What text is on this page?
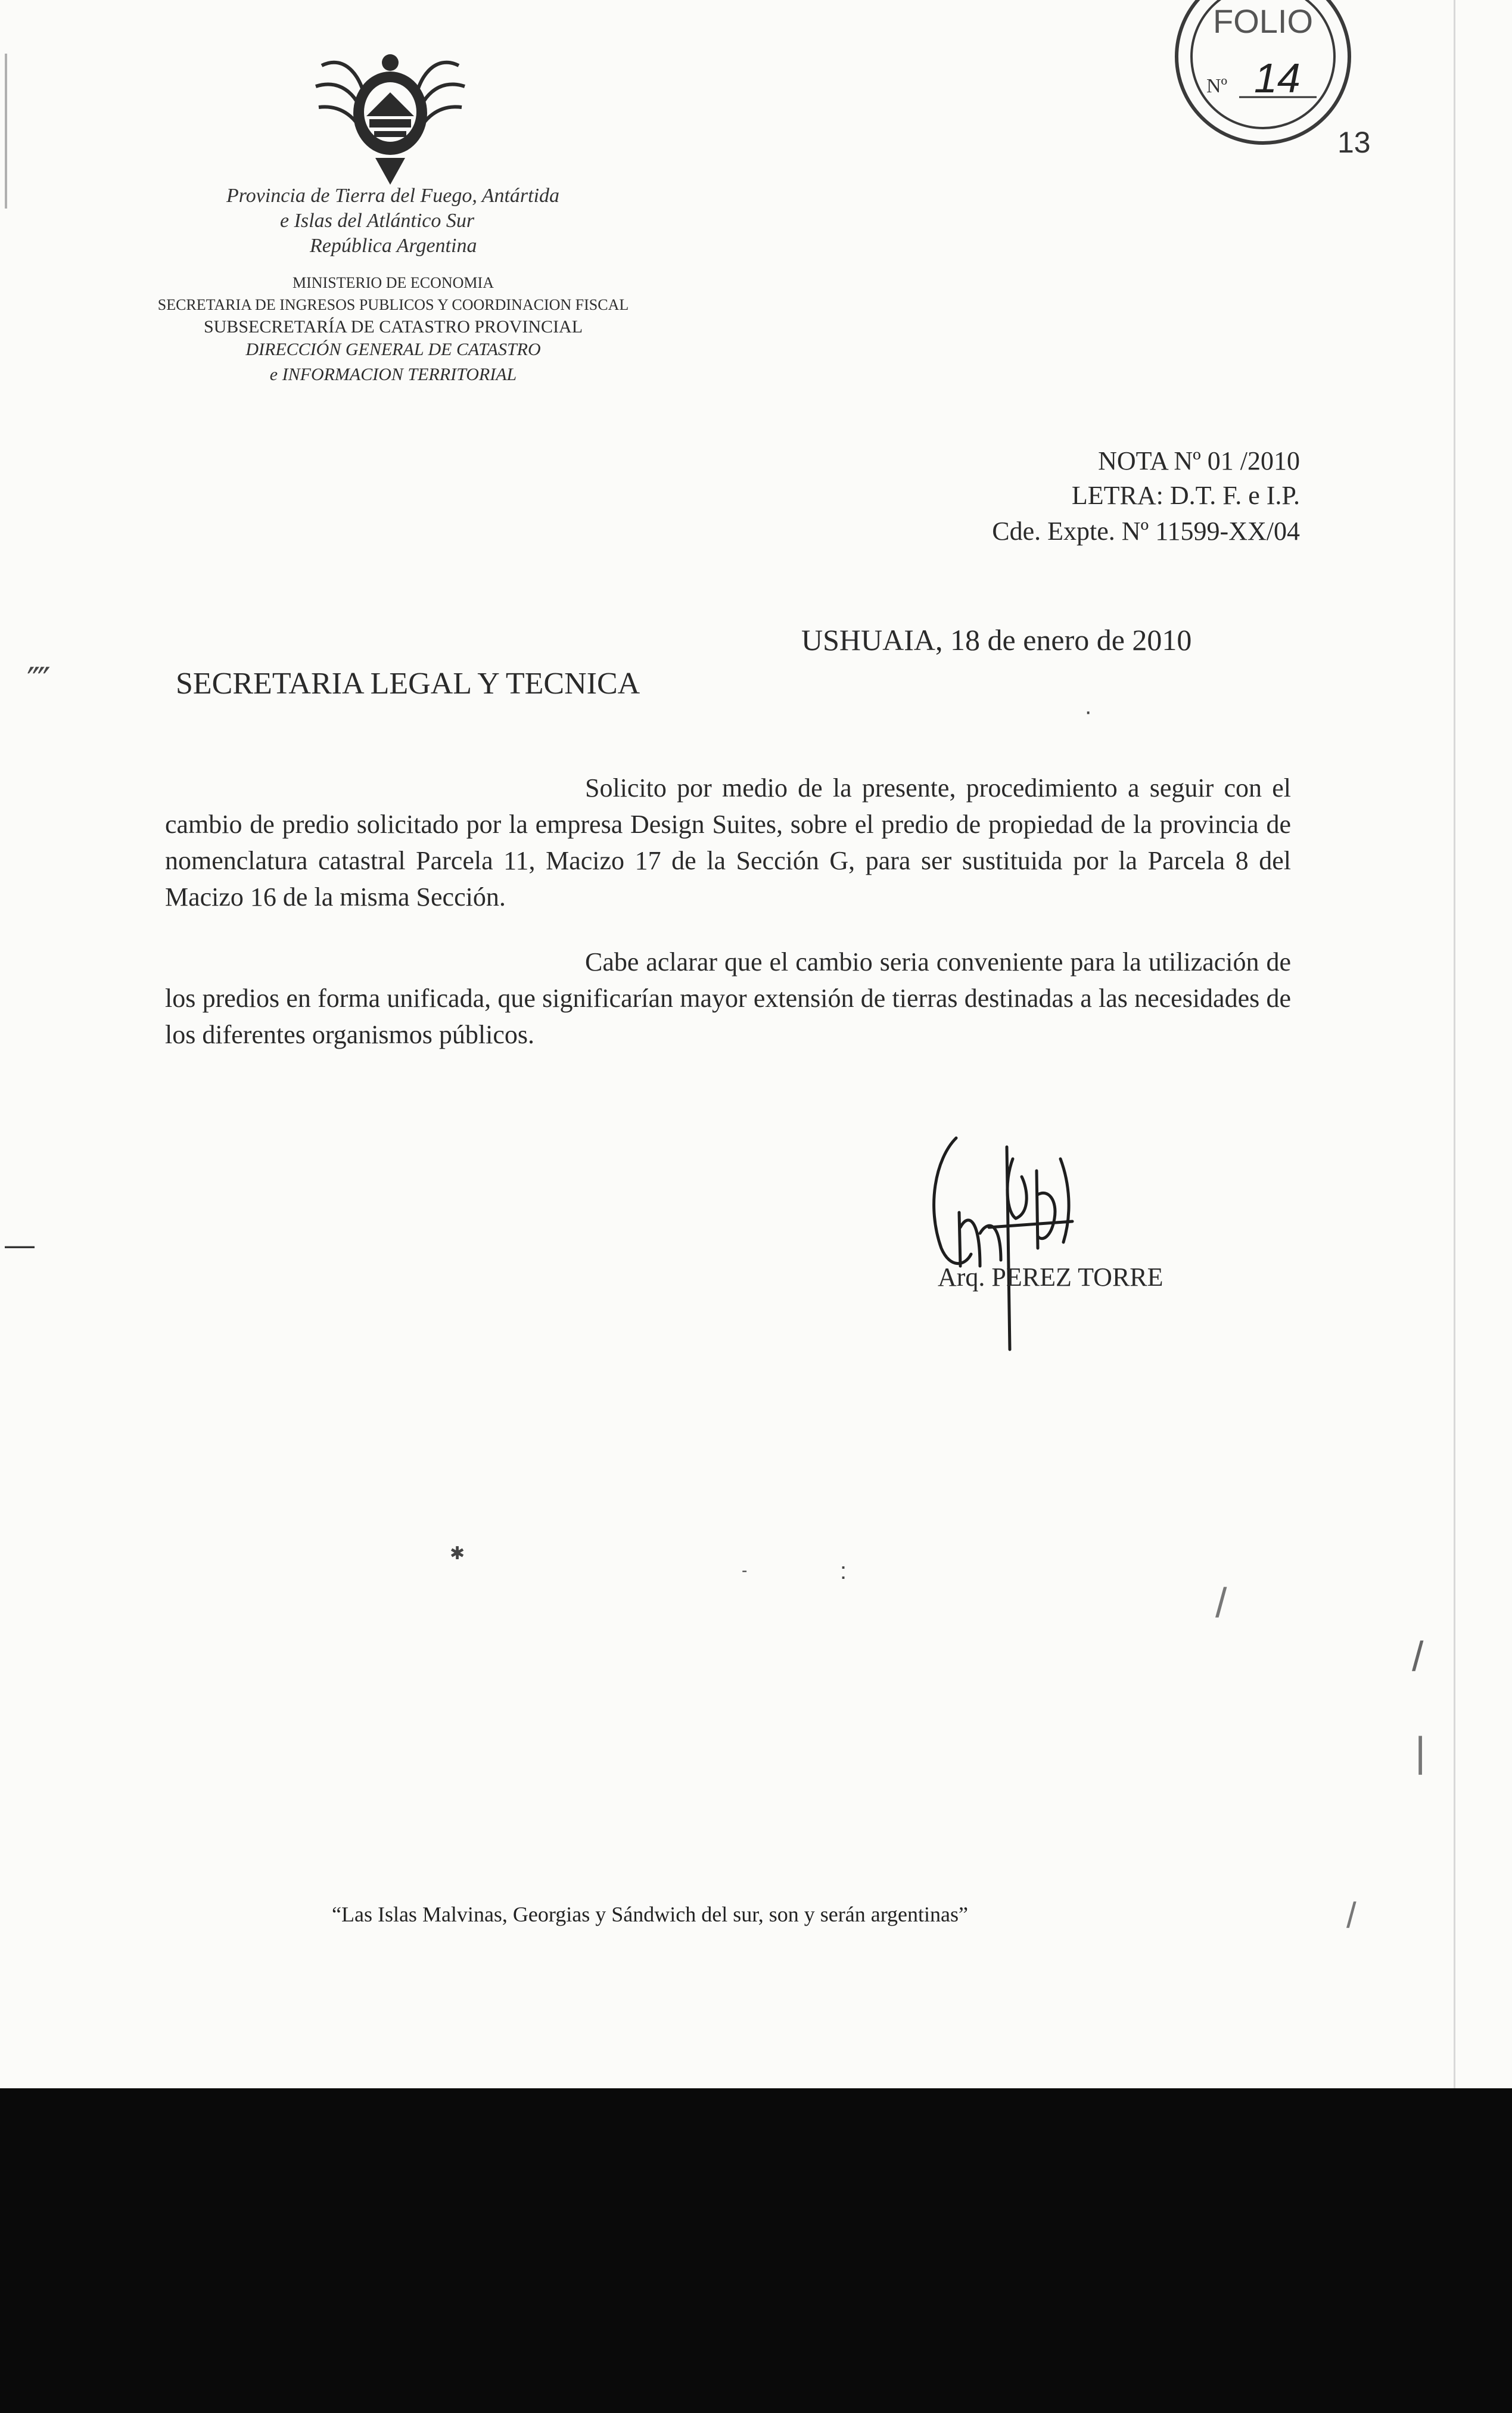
Provincia de Tierra del Fuego, Antártida
e Islas del Atlántico Sur
República Argentina
MINISTERIO DE ECONOMIA
SECRETARIA DE INGRESOS PUBLICOS Y COORDINACION FISCAL
SUBSECRETARÍA DE CATASTRO PROVINCIAL
DIRECCIÓN GENERAL DE CATASTRO
e INFORMACION TERRITORIAL
FOLIO
Nº 14
13
NOTA Nº 01 /2010
LETRA: D.T. F. e I.P.
Cde. Expte. Nº 11599-XX/04
USHUAIA, 18 de enero de 2010
⁗	SECRETARIA LEGAL Y TECNICA
·
Solicito por medio de la presente, procedimiento a seguir con el cambio de predio solicitado por la empresa Design Suites, sobre el predio de propiedad de la provincia de nomenclatura catastral Parcela 11, Macizo 17 de la Sección G, para ser sustituida por la Parcela 8 del Macizo 16 de la misma Sección.
Cabe aclarar que el cambio seria conveniente para la utilización de los predios en forma unificada, que significarían mayor extensión de tierras destinadas a las necesidades de los diferentes organismos públicos.
Arq. PEREZ TORRE
✱
-	:
/
/
|
/
—
“Las Islas Malvinas, Georgias y Sándwich del sur, son y serán argentinas”
